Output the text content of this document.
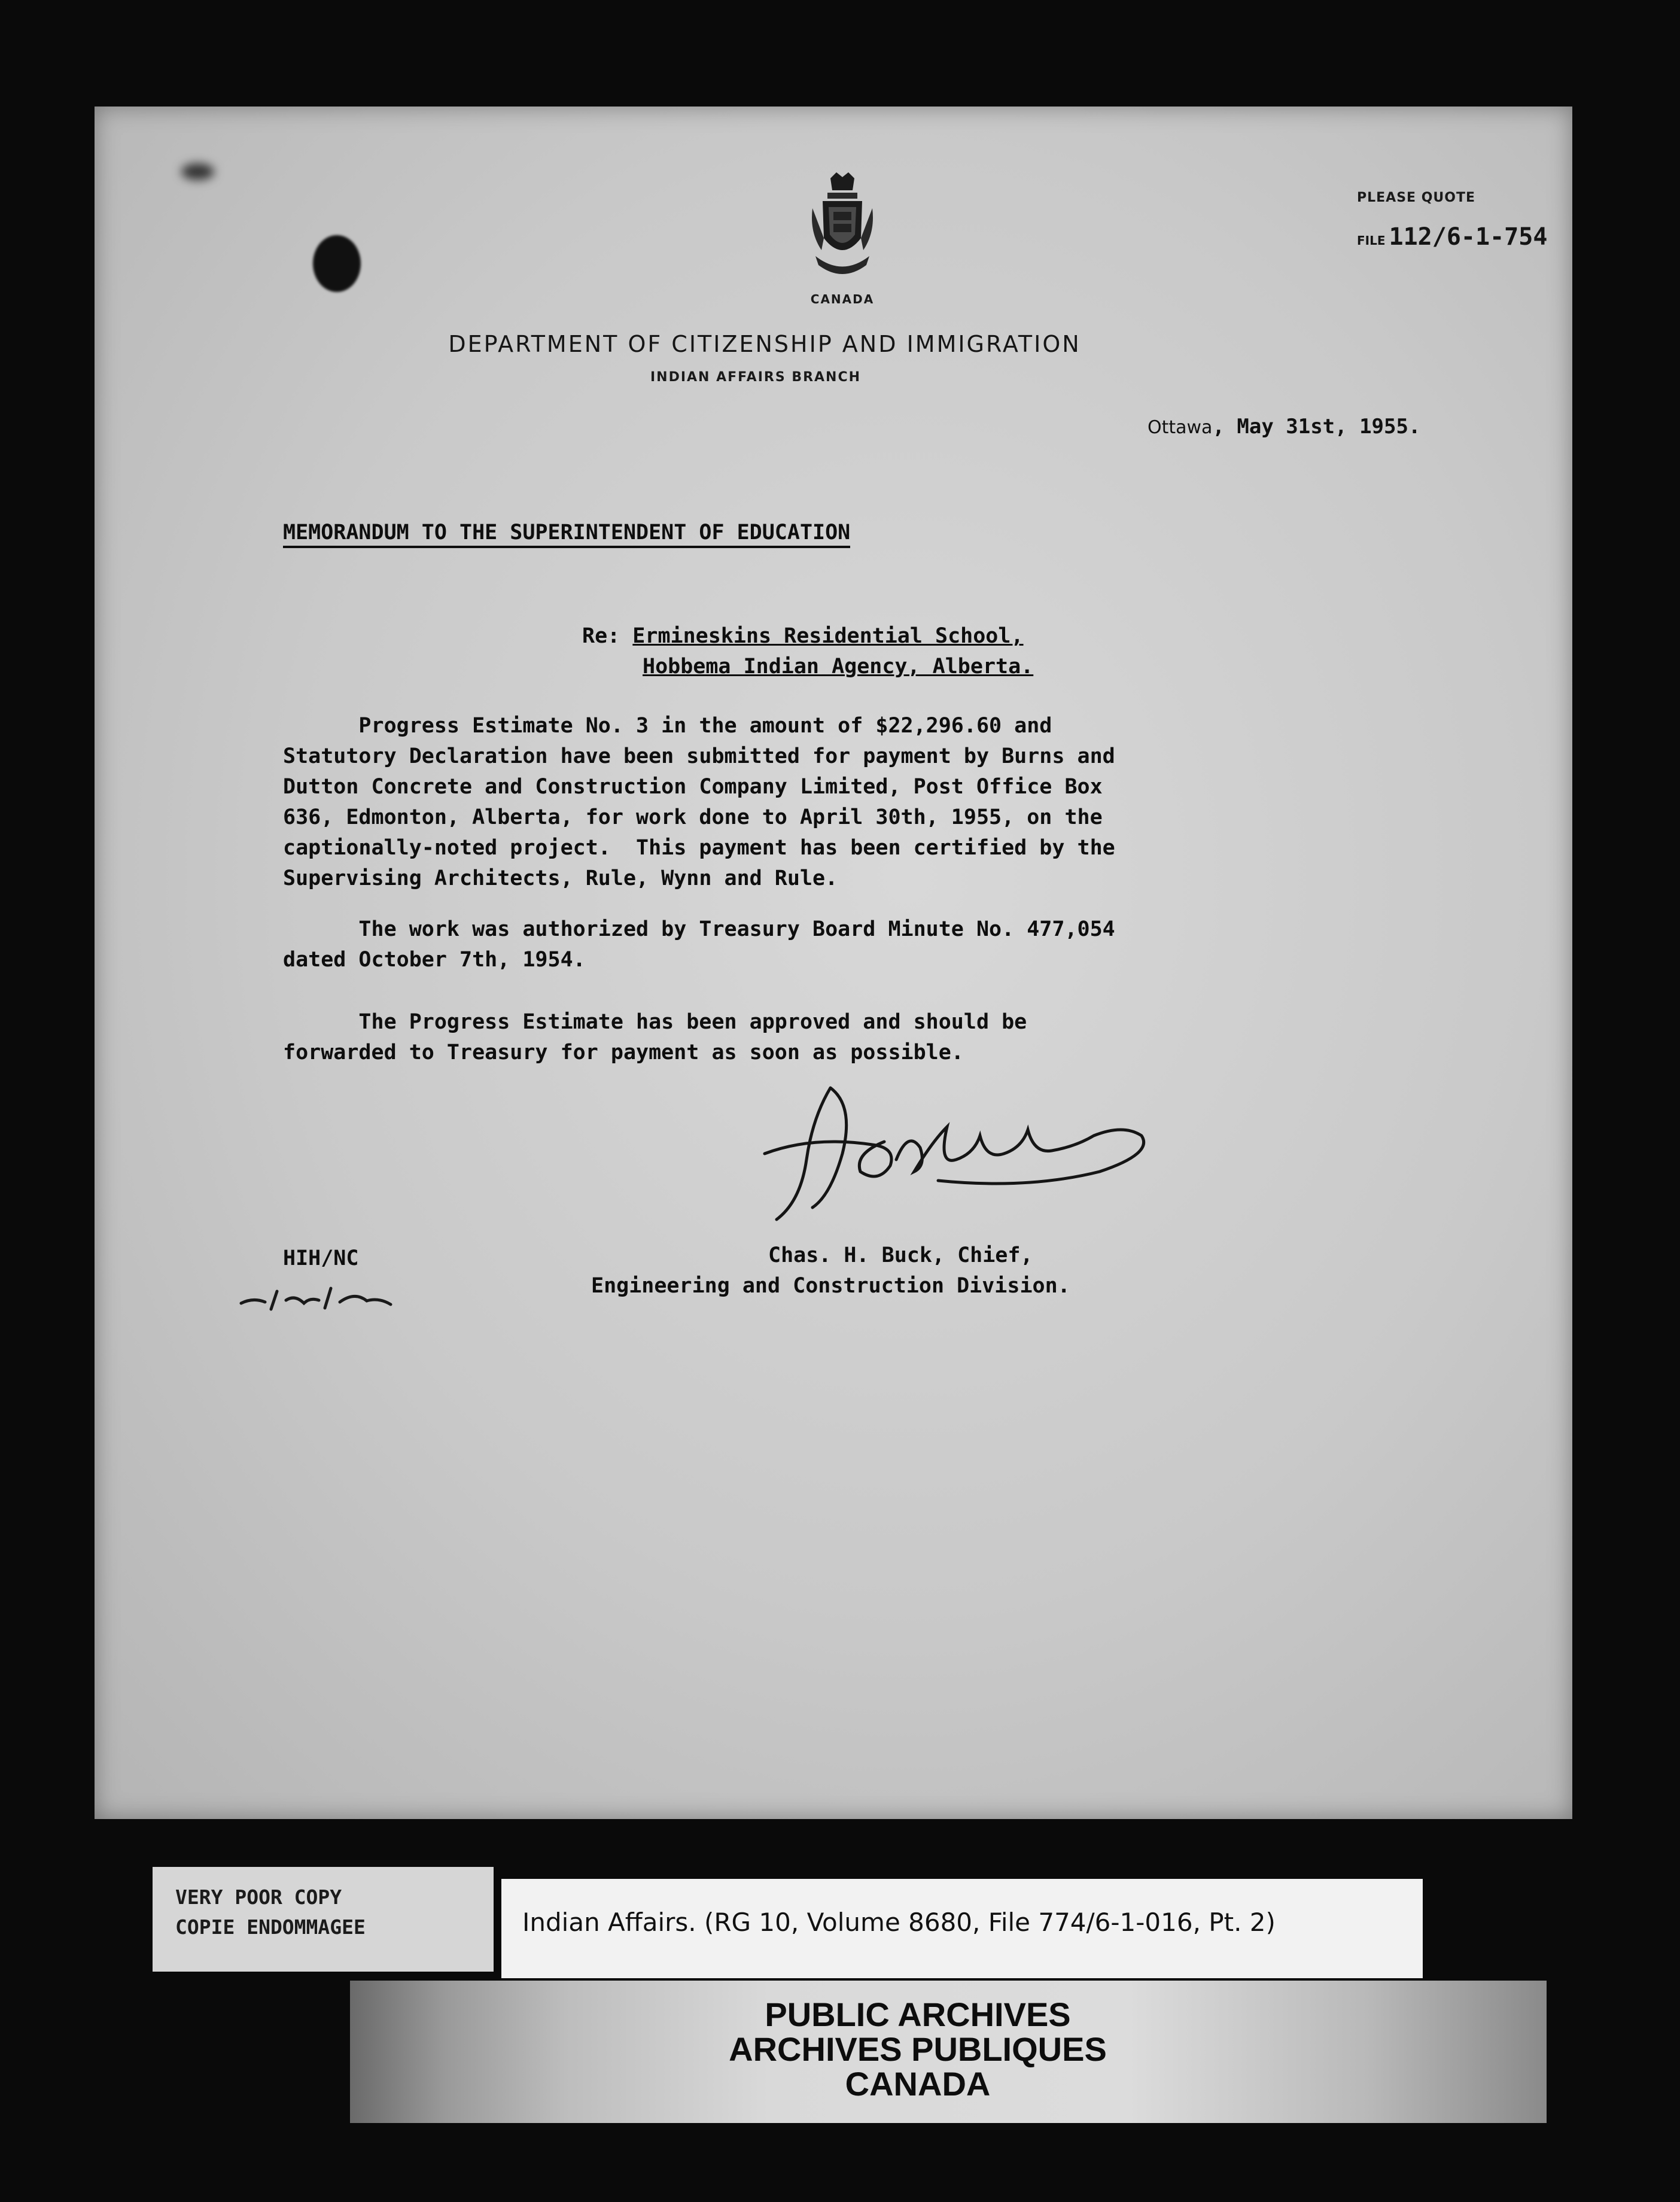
CANADA
PLEASE QUOTE
FILE 112/6-1-754
DEPARTMENT OF CITIZENSHIP AND IMMIGRATION
INDIAN AFFAIRS BRANCH
Ottawa, May 31st, 1955.
MEMORANDUM TO THE SUPERINTENDENT OF EDUCATION
Re: Ermineskins Residential School,
Hobbema Indian Agency, Alberta.
Progress Estimate No. 3 in the amount of $22,296.60 and
Statutory Declaration have been submitted for payment by Burns and
Dutton Concrete and Construction Company Limited, Post Office Box
636, Edmonton, Alberta, for work done to April 30th, 1955, on the
captionally-noted project.  This payment has been certified by the
Supervising Architects, Rule, Wynn and Rule.
The work was authorized by Treasury Board Minute No. 477,054
dated October 7th, 1954.
The Progress Estimate has been approved and should be
forwarded to Treasury for payment as soon as possible.
HIH/NC	Chas. H. Buck, Chief,
Engineering and Construction Division.
VERY POOR COPY
COPIE ENDOMMAGEE	Indian Affairs. (RG 10, Volume 8680, File 774/6-1-016, Pt. 2)
PUBLIC ARCHIVES
ARCHIVES PUBLIQUES
CANADA
